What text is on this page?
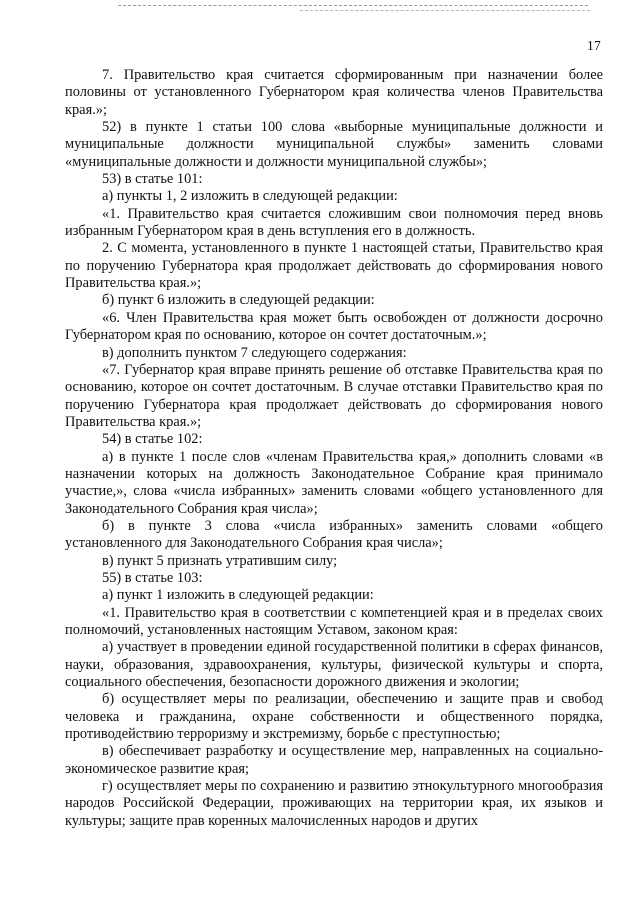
17

7. Правительство края считается сформированным при назначении более половины от установленного Губернатором края количества членов Правительства края.»;

52) в пункте 1 статьи 100 слова «выборные муниципальные должности и муниципальные должности муниципальной службы» заменить словами «муниципальные должности и должности муниципальной службы»;

53) в статье 101:

а) пункты 1, 2 изложить в следующей редакции:

«1. Правительство края считается сложившим свои полномочия перед вновь избранным Губернатором края в день вступления его в должность.

2. С момента, установленного в пункте 1 настоящей статьи, Правительство края по поручению Губернатора края продолжает действовать до сформирования нового Правительства края.»;

б) пункт 6 изложить в следующей редакции:

«6. Член Правительства края может быть освобожден от должности досрочно Губернатором края по основанию, которое он сочтет достаточным.»;

в) дополнить пунктом 7 следующего содержания:

«7. Губернатор края вправе принять решение об отставке Правительства края по основанию, которое он сочтет достаточным. В случае отставки Правительство края по поручению Губернатора края продолжает действовать до сформирования нового Правительства края.»;

54) в статье 102:

а) в пункте 1 после слов «членам Правительства края,» дополнить словами «в назначении которых на должность Законодательное Собрание края принимало участие,», слова «числа избранных» заменить словами «общего установленного для Законодательного Собрания края числа»;

б) в пункте 3 слова «числа избранных» заменить словами «общего установленного для Законодательного Собрания края числа»;

в) пункт 5 признать утратившим силу;

55) в статье 103:

а) пункт 1 изложить в следующей редакции:

«1. Правительство края в соответствии с компетенцией края и в пределах своих полномочий, установленных настоящим Уставом, законом края:

а) участвует в проведении единой государственной политики в сферах финансов, науки, образования, здравоохранения, культуры, физической культуры и спорта, социального обеспечения, безопасности дорожного движения и экологии;

б) осуществляет меры по реализации, обеспечению и защите прав и свобод человека и гражданина, охране собственности и общественного порядка, противодействию терроризму и экстремизму, борьбе с преступностью;

в) обеспечивает разработку и осуществление мер, направленных на социально-экономическое развитие края;

г) осуществляет меры по сохранению и развитию этнокультурного многообразия народов Российской Федерации, проживающих на территории края, их языков и культуры; защите прав коренных малочисленных народов и других
